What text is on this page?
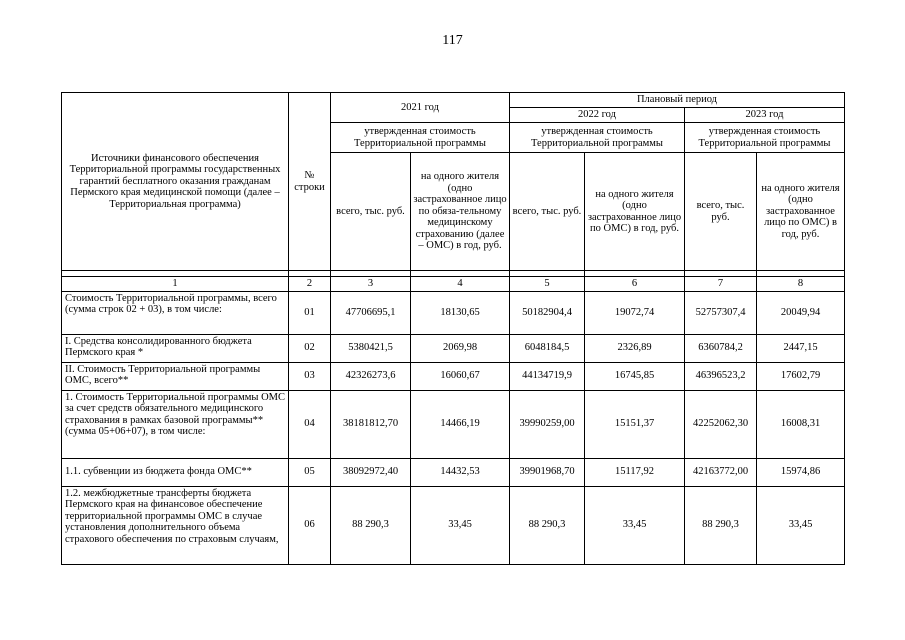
117
Источники финансового обеспечения Территориальной программы государственных гарантий бесплатного оказания гражданам Пермского края медицинской помощи (далее – Территориальная программа)	№ строки	2021 год		Плановый период			
				2022 год		2023 год	
		утвержденная стоимость Территориальной программы		утвержденная стоимость Территориальной программы		утвержденная стоимость Территориальной программы	
		всего, тыс. руб.	на одного жителя (одно застрахованное лицо по обяза-тельному медицинскому страхованию (далее – ОМС) в год, руб.	всего, тыс. руб.	на одного жителя (одно застрахованное лицо по ОМС) в год, руб.	всего, тыс. руб.	на одного жителя (одно застрахованное лицо по ОМС) в год, руб.

1	2	3	4	5	6	7	8
Стоимость Территориальной программы, всего (сумма строк 02 + 03), в том числе:	01	47706695,1	18130,65	50182904,4	19072,74	52757307,4	20049,94
I. Средства консолидированного бюджета Пермского края *	02	5380421,5	2069,98	6048184,5	2326,89	6360784,2	2447,15
II. Стоимость Территориальной программы ОМС, всего**	03	42326273,6	16060,67	44134719,9	16745,85	46396523,2	17602,79
1. Стоимость Территориальной программы ОМС за счет средств обязательного медицинского страхования в рамках базовой программы** (сумма 05+06+07), в том числе:	04	38181812,70	14466,19	39990259,00	15151,37	42252062,30	16008,31
1.1. субвенции из бюджета фонда ОМС**	05	38092972,40	14432,53	39901968,70	15117,92	42163772,00	15974,86
1.2. межбюджетные трансферты бюджета Пермского края на финансовое обеспечение территориальной программы ОМС в случае установления дополнительного объема страхового обеспечения по страховым случаям,	06	88 290,3	33,45	88 290,3	33,45	88 290,3	33,45
